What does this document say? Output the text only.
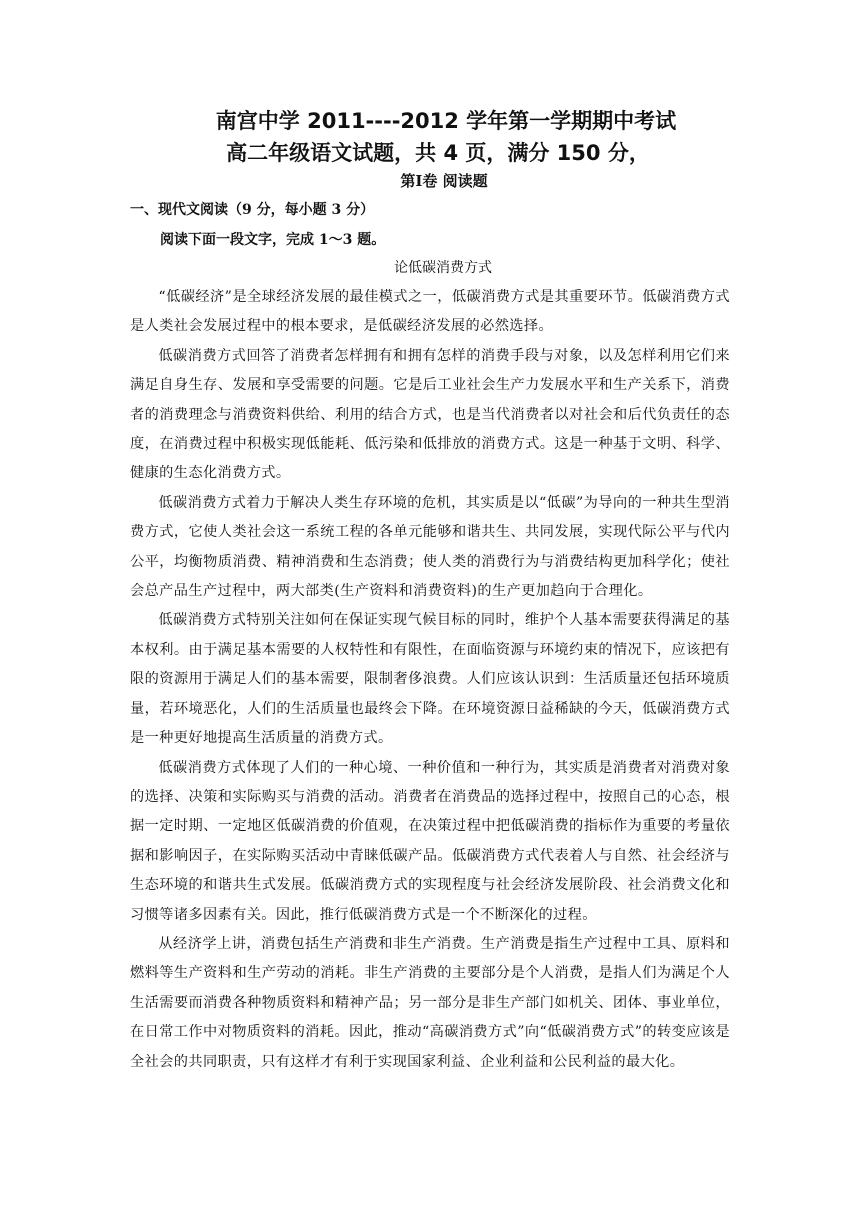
南宫中学 2011----2012 学年第一学期期中考试
高二年级语文试题，共 4 页，满分 150 分，
第Ⅰ卷 阅读题
一、现代文阅读（9 分，每小题 3 分）
阅读下面一段文字，完成 1～3 题。
论低碳消费方式

“低碳经济”是全球经济发展的最佳模式之一，低碳消费方式是其重要环节。低碳消费方式是人类社会发展过程中的根本要求，是低碳经济发展的必然选择。

低碳消费方式回答了消费者怎样拥有和拥有怎样的消费手段与对象，以及怎样利用它们来满足自身生存、发展和享受需要的问题。它是后工业社会生产力发展水平和生产关系下，消费者的消费理念与消费资料供给、利用的结合方式，也是当代消费者以对社会和后代负责任的态度，在消费过程中积极实现低能耗、低污染和低排放的消费方式。这是一种基于文明、科学、健康的生态化消费方式。

低碳消费方式着力于解决人类生存环境的危机，其实质是以“低碳”为导向的一种共生型消费方式，它使人类社会这一系统工程的各单元能够和谐共生、共同发展，实现代际公平与代内公平，均衡物质消费、精神消费和生态消费；使人类的消费行为与消费结构更加科学化；使社会总产品生产过程中，两大部类(生产资料和消费资料)的生产更加趋向于合理化。

低碳消费方式特别关注如何在保证实现气候目标的同时，维护个人基本需要获得满足的基本权利。由于满足基本需要的人权特性和有限性，在面临资源与环境约束的情况下，应该把有限的资源用于满足人们的基本需要，限制奢侈浪费。人们应该认识到：生活质量还包括环境质量，若环境恶化，人们的生活质量也最终会下降。在环境资源日益稀缺的今天，低碳消费方式是一种更好地提高生活质量的消费方式。

低碳消费方式体现了人们的一种心境、一种价值和一种行为，其实质是消费者对消费对象的选择、决策和实际购买与消费的活动。消费者在消费品的选择过程中，按照自己的心态，根据一定时期、一定地区低碳消费的价值观，在决策过程中把低碳消费的指标作为重要的考量依据和影响因子，在实际购买活动中青睐低碳产品。低碳消费方式代表着人与自然、社会经济与生态环境的和谐共生式发展。低碳消费方式的实现程度与社会经济发展阶段、社会消费文化和习惯等诸多因素有关。因此，推行低碳消费方式是一个不断深化的过程。

从经济学上讲，消费包括生产消费和非生产消费。生产消费是指生产过程中工具、原料和燃料等生产资料和生产劳动的消耗。非生产消费的主要部分是个人消费，是指人们为满足个人生活需要而消费各种物质资料和精神产品；另一部分是非生产部门如机关、团体、事业单位，在日常工作中对物质资料的消耗。因此，推动“高碳消费方式”向“低碳消费方式”的转变应该是全社会的共同职责，只有这样才有利于实现国家利益、企业利益和公民利益的最大化。
